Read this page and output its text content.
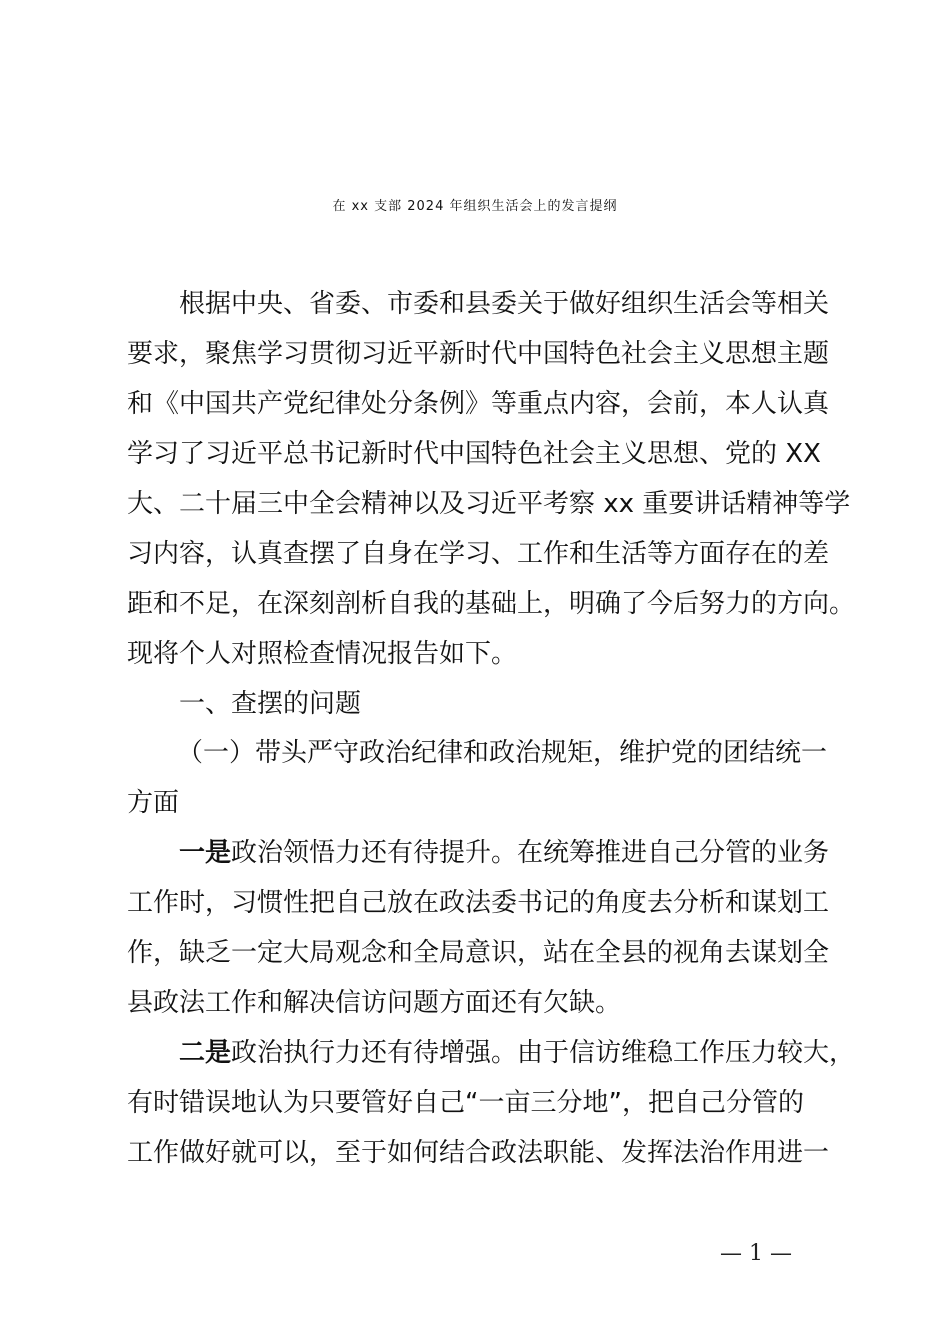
在 xx 支部 2024 年组织生活会上的发言提纲
根据中央、省委、市委和县委关于做好组织生活会等相关
要求，聚焦学习贯彻习近平新时代中国特色社会主义思想主题
和《中国共产党纪律处分条例》等重点内容，会前，本人认真
学习了习近平总书记新时代中国特色社会主义思想、党的 XX
大、二十届三中全会精神以及习近平考察 xx 重要讲话精神等学
习内容，认真查摆了自身在学习、工作和生活等方面存在的差
距和不足，在深刻剖析自我的基础上，明确了今后努力的方向。
现将个人对照检查情况报告如下。
一、查摆的问题
（一）带头严守政治纪律和政治规矩，维护党的团结统一
方面
一是政治领悟力还有待提升。在统筹推进自己分管的业务
工作时，习惯性把自己放在政法委书记的角度去分析和谋划工
作，缺乏一定大局观念和全局意识，站在全县的视角去谋划全
县政法工作和解决信访问题方面还有欠缺。
二是政治执行力还有待增强。由于信访维稳工作压力较大，
有时错误地认为只要管好自己“一亩三分地”，把自己分管的
工作做好就可以，至于如何结合政法职能、发挥法治作用进一
— 1 —
